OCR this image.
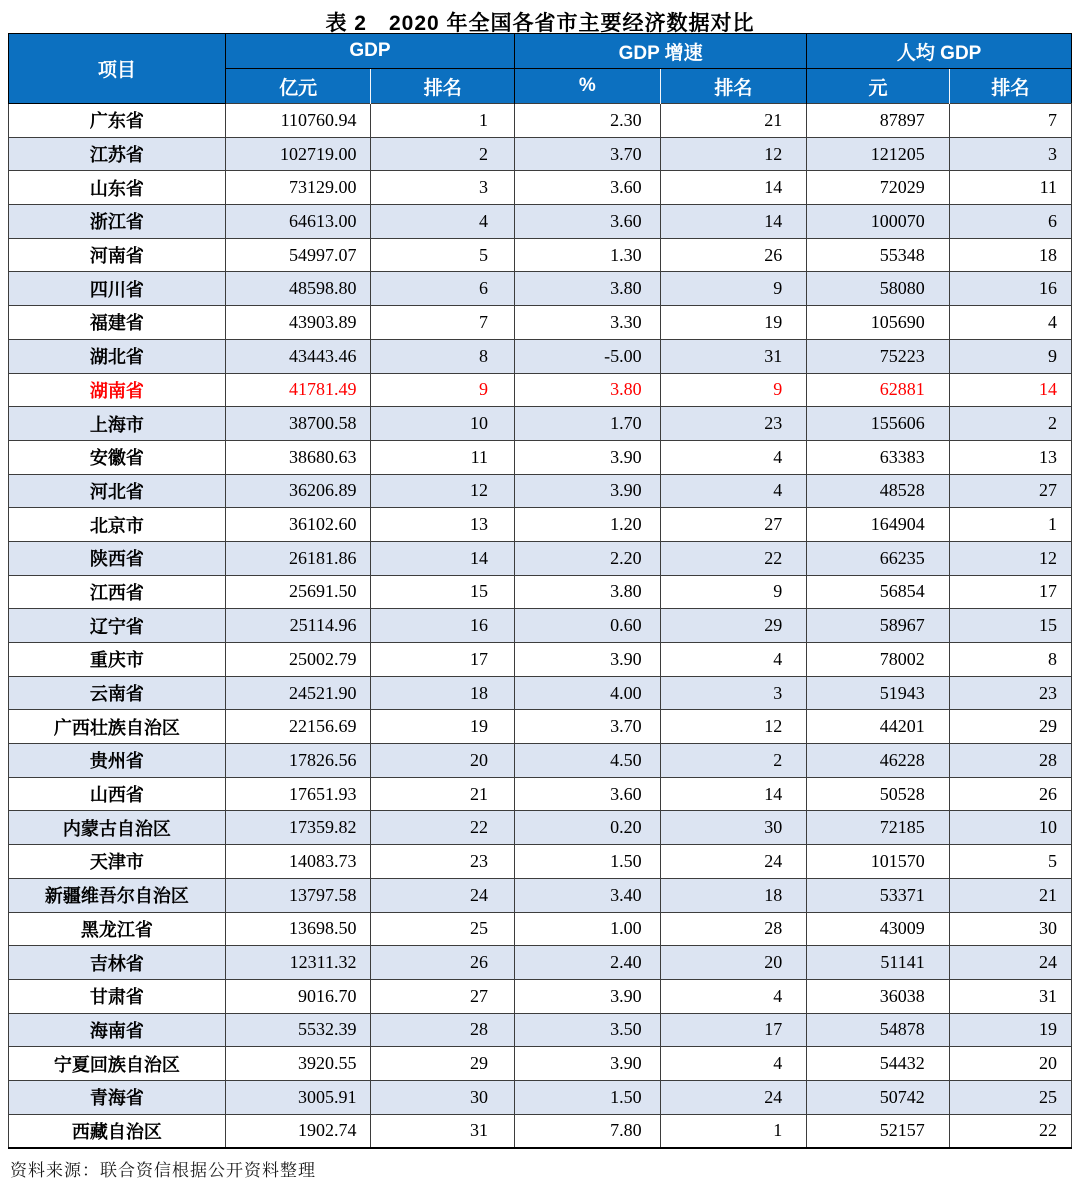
表 2　2020 年全国各省市主要经济数据对比
项目	GDP		GDP 增速		人均 GDP	
	亿元	排名	%	排名	元	排名
广东省	110760.94	1	2.30	21	87897	7
江苏省	102719.00	2	3.70	12	121205	3
山东省	73129.00	3	3.60	14	72029	11
浙江省	64613.00	4	3.60	14	100070	6
河南省	54997.07	5	1.30	26	55348	18
四川省	48598.80	6	3.80	9	58080	16
福建省	43903.89	7	3.30	19	105690	4
湖北省	43443.46	8	-5.00	31	75223	9
湖南省	41781.49	9	3.80	9	62881	14
上海市	38700.58	10	1.70	23	155606	2
安徽省	38680.63	11	3.90	4	63383	13
河北省	36206.89	12	3.90	4	48528	27
北京市	36102.60	13	1.20	27	164904	1
陕西省	26181.86	14	2.20	22	66235	12
江西省	25691.50	15	3.80	9	56854	17
辽宁省	25114.96	16	0.60	29	58967	15
重庆市	25002.79	17	3.90	4	78002	8
云南省	24521.90	18	4.00	3	51943	23
广西壮族自治区	22156.69	19	3.70	12	44201	29
贵州省	17826.56	20	4.50	2	46228	28
山西省	17651.93	21	3.60	14	50528	26
内蒙古自治区	17359.82	22	0.20	30	72185	10
天津市	14083.73	23	1.50	24	101570	5
新疆维吾尔自治区	13797.58	24	3.40	18	53371	21
黑龙江省	13698.50	25	1.00	28	43009	30
吉林省	12311.32	26	2.40	20	51141	24
甘肃省	9016.70	27	3.90	4	36038	31
海南省	5532.39	28	3.50	17	54878	19
宁夏回族自治区	3920.55	29	3.90	4	54432	20
青海省	3005.91	30	1.50	24	50742	25
西藏自治区	1902.74	31	7.80	1	52157	22
资料来源：联合资信根据公开资料整理
